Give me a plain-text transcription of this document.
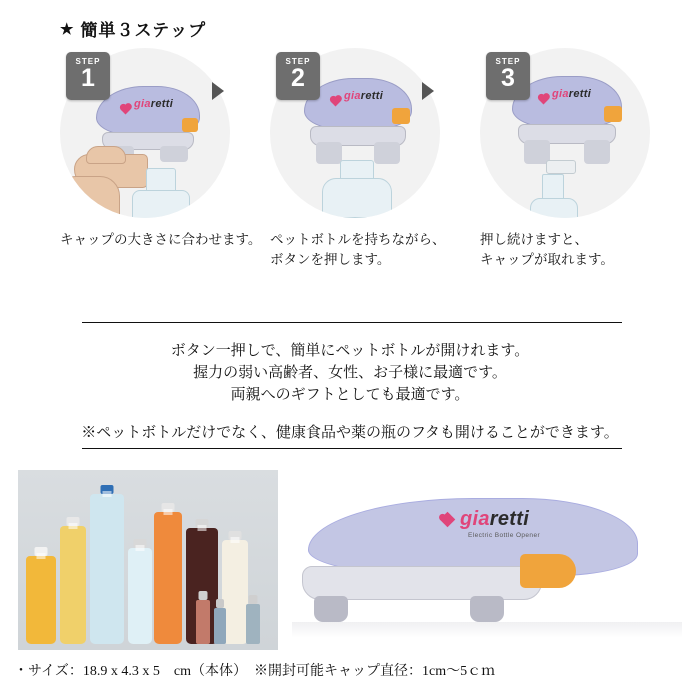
★ 簡単３ステップ
giaretti
STEP
1
キャップの大きさに合わせます。
giaretti
STEP
2
ペットボトルを持ちながら、
ボタンを押します。
giaretti
STEP
3
押し続けますと、
キャップが取れます。
ボタン一押しで、簡単にペットボトルが開けれます。
握力の弱い高齢者、女性、お子様に最適です。
両親へのギフトとしても最適です。
※ペットボトルだけでなく、健康食品や薬の瓶のフタも開けることができます。
giaretti
Electric Bottle Opener
・サイズ：18.9 x 4.3 x 5　cm（本体）　※開封可能キャップ直径：1cm〜5ｃｍ
